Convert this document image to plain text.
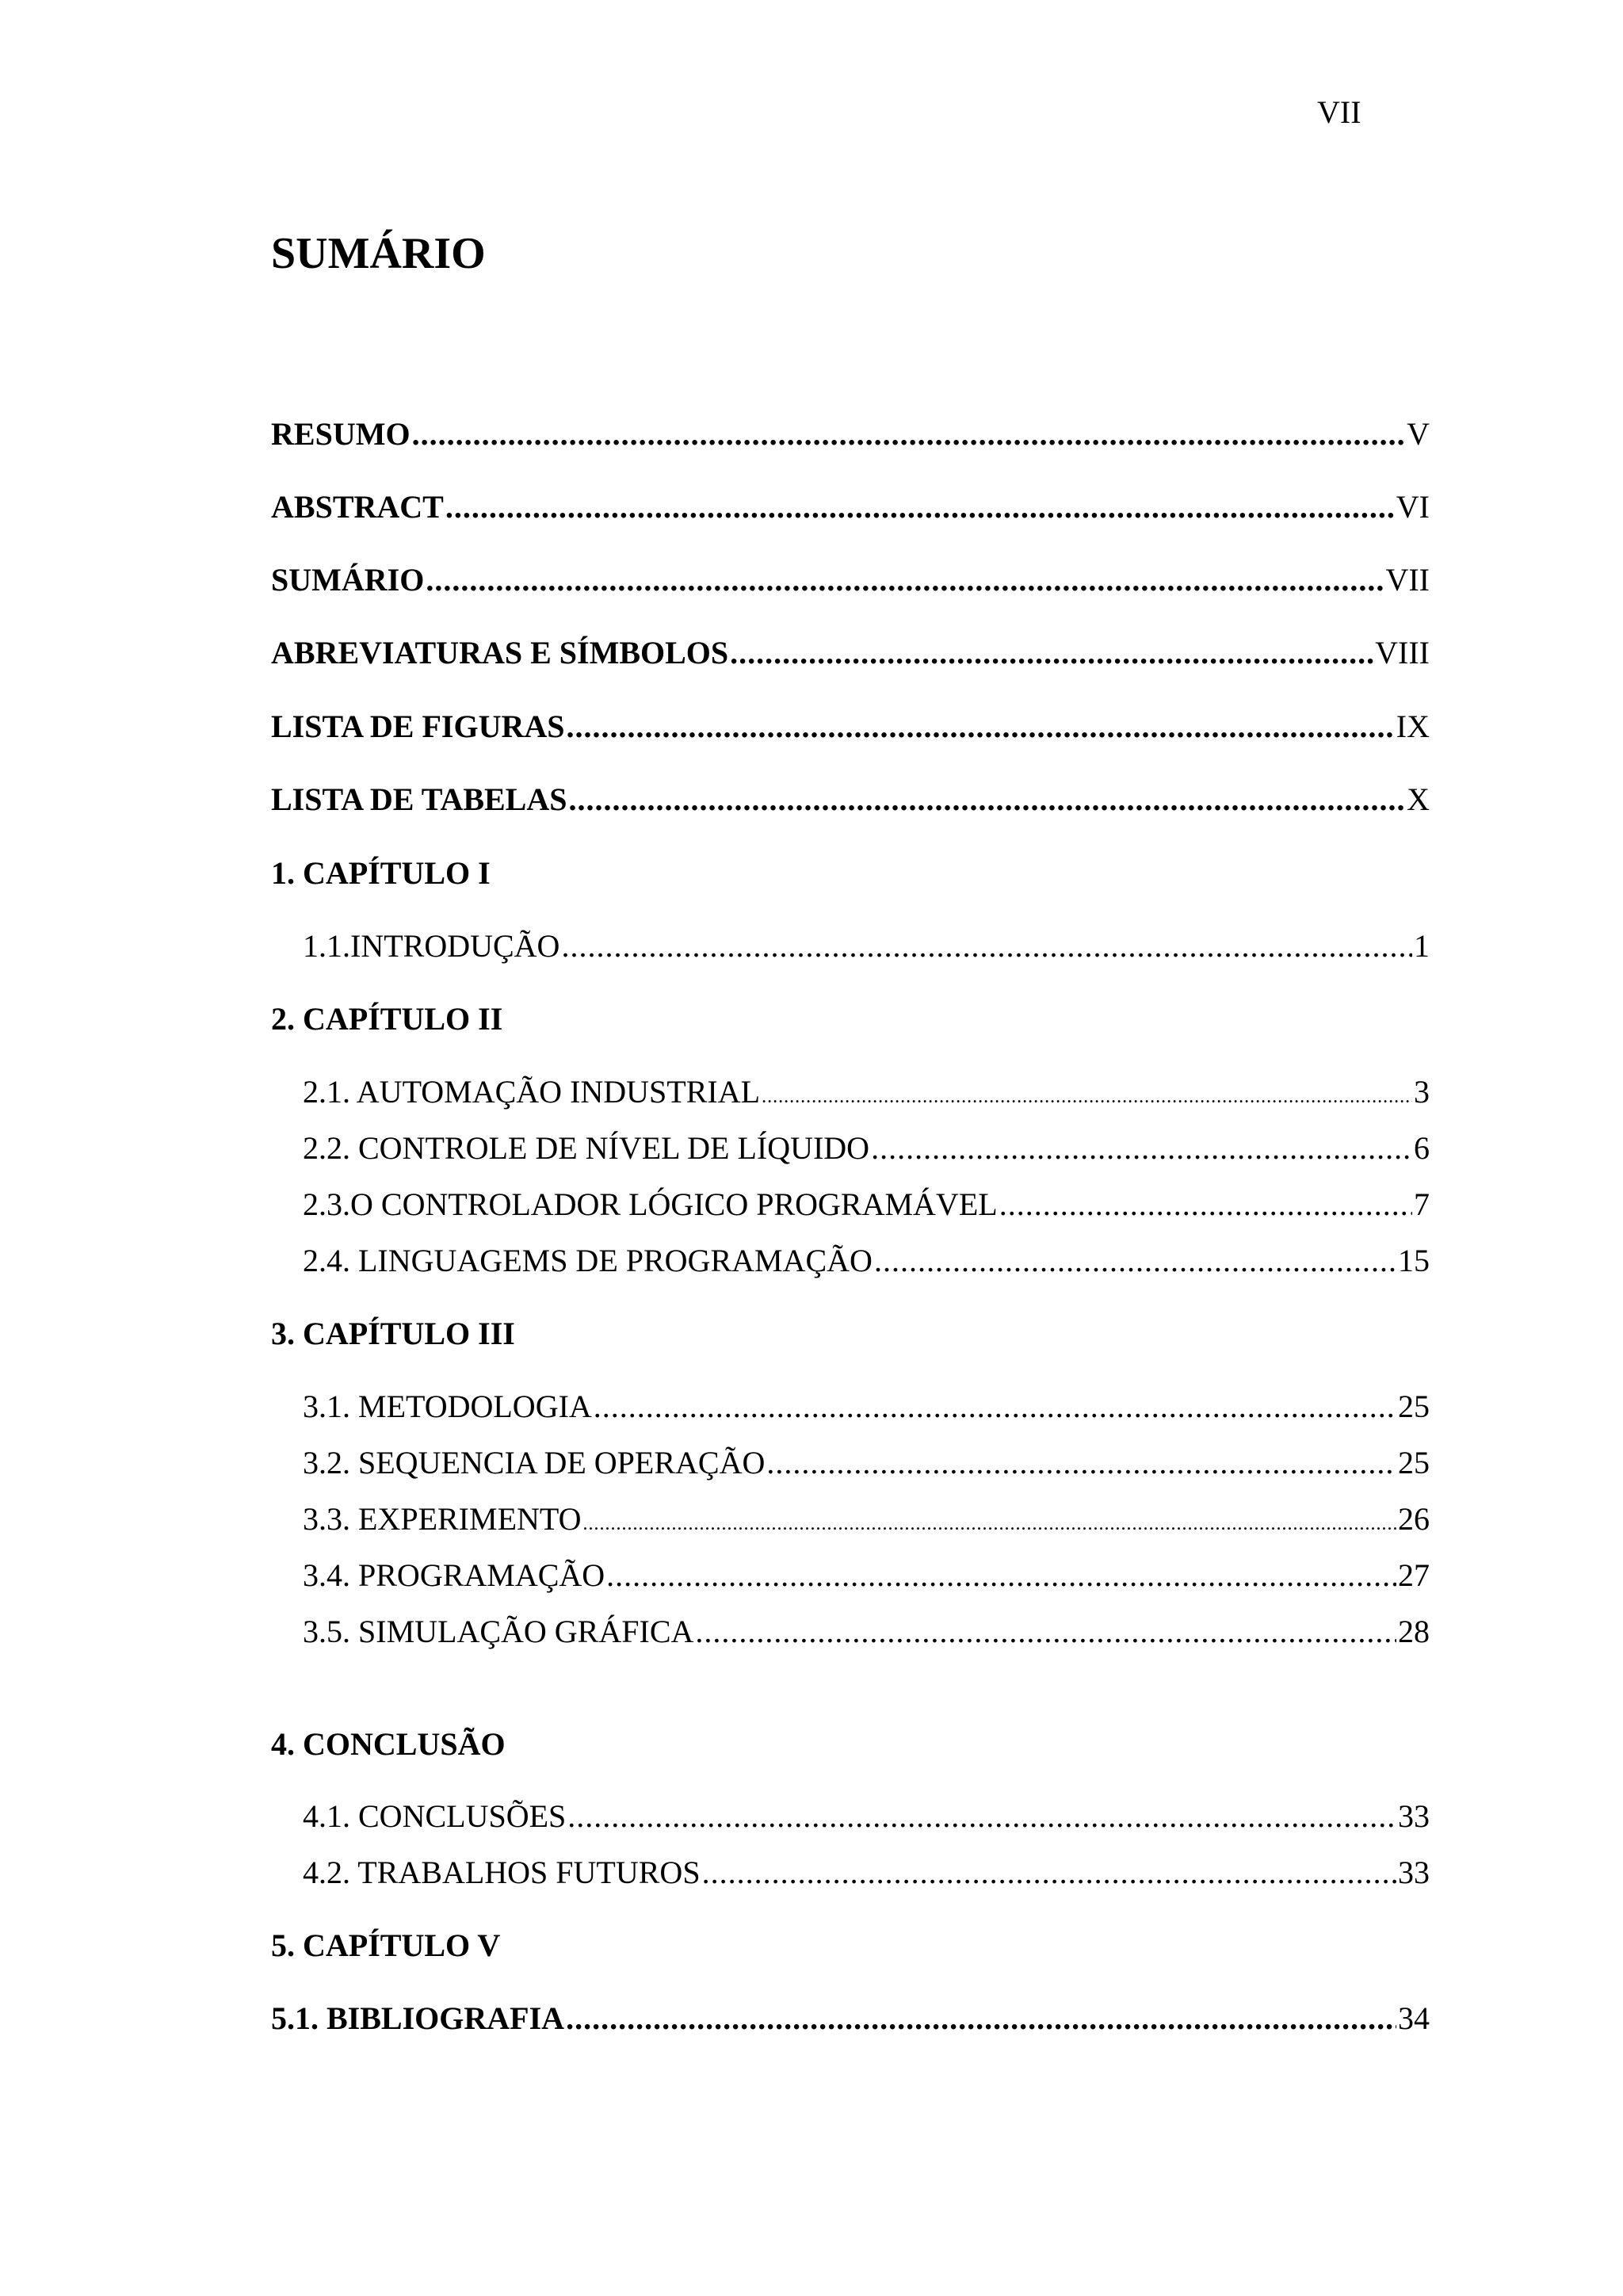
VII
SUMÁRIO
RESUMO .....	V
ABSTRACT .....	VI
SUMÁRIO .....	VII
ABREVIATURAS E SÍMBOLOS .....	VIII
LISTA DE FIGURAS .....	IX
LISTA DE TABELAS .....	X
1. CAPÍTULO I
1.1.INTRODUÇÃO .....	1
2. CAPÍTULO II
2.1. AUTOMAÇÃO INDUSTRIAL .....	3
2.2. CONTROLE DE NÍVEL DE LÍQUIDO .....	6
2.3.O CONTROLADOR LÓGICO PROGRAMÁVEL .....	7
2.4. LINGUAGEMS DE PROGRAMAÇÃO .....	15
3. CAPÍTULO III
3.1. METODOLOGIA .....	25
3.2. SEQUENCIA DE OPERAÇÃO .....	25
3.3. EXPERIMENTO .....	26
3.4. PROGRAMAÇÃO .....	27
3.5. SIMULAÇÃO GRÁFICA .....	28
4. CONCLUSÃO
4.1. CONCLUSÕES .....	33
4.2. TRABALHOS FUTUROS .....	33
5. CAPÍTULO V
5.1. BIBLIOGRAFIA .....	34
